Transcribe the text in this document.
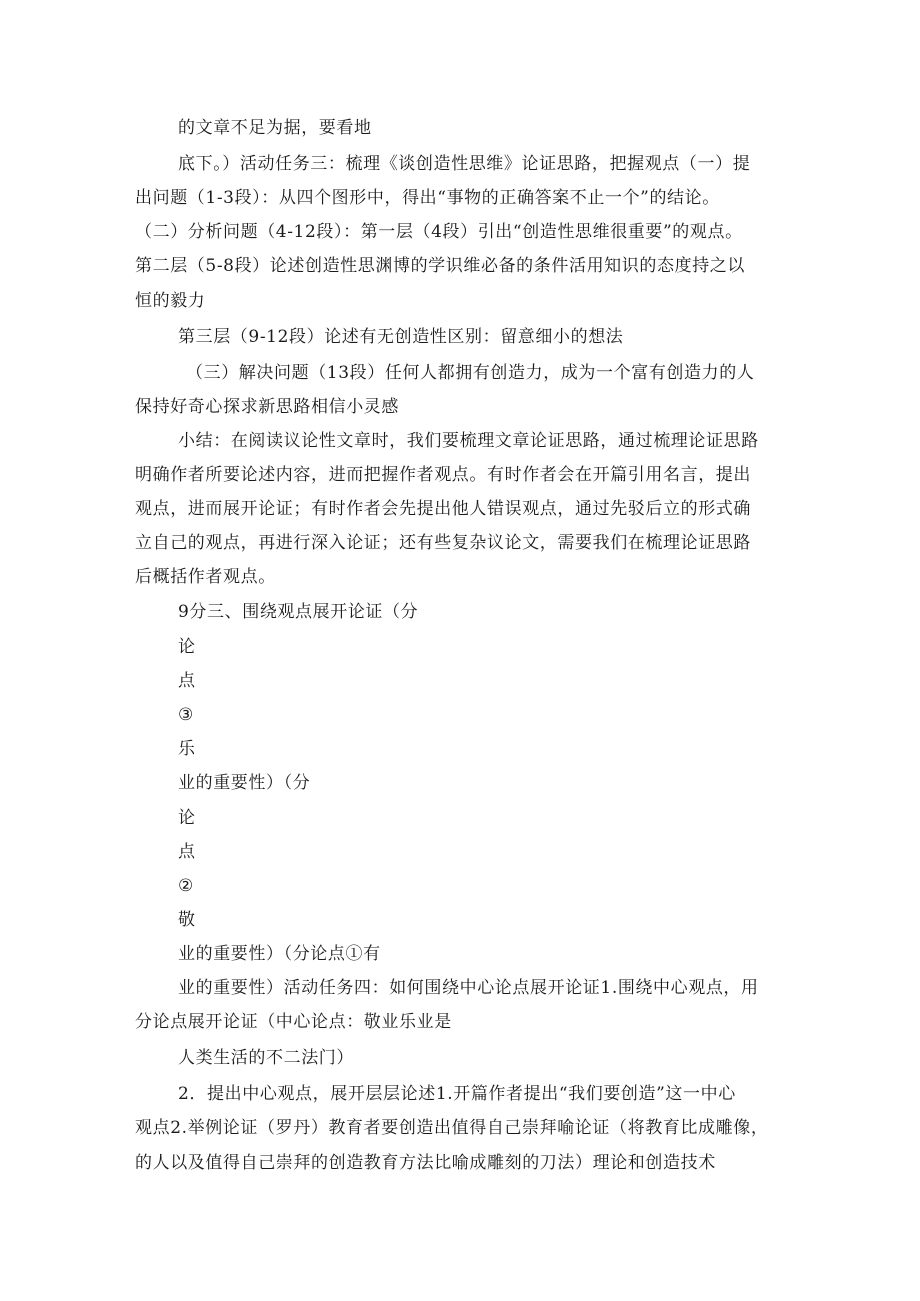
的文章不足为据，要看地
底下。）活动任务三：梳理《谈创造性思维》论证思路，把握观点（一）提
出问题（1-3段）：从四个图形中，得出“事物的正确答案不止一个”的结论。
（二）分析问题（4-12段）：第一层（4段）引出“创造性思维很重要”的观点。
第二层（5-8段）论述创造性思渊博的学识维必备的条件活用知识的态度持之以
恒的毅力
第三层（9-12段）论述有无创造性区别：留意细小的想法
（三）解决问题（13段）任何人都拥有创造力，成为一个富有创造力的人
保持好奇心探求新思路相信小灵感
小结：在阅读议论性文章时，我们要梳理文章论证思路，通过梳理论证思路
明确作者所要论述内容，进而把握作者观点。有时作者会在开篇引用名言，提出
观点，进而展开论证；有时作者会先提出他人错误观点，通过先驳后立的形式确
立自己的观点，再进行深入论证；还有些复杂议论文，需要我们在梳理论证思路
后概括作者观点。
9分三、围绕观点展开论证（分
论
点
③
乐
业的重要性）（分
论
点
②
敬
业的重要性）（分论点①有
业的重要性）活动任务四：如何围绕中心论点展开论证1.围绕中心观点，用
分论点展开论证（中心论点：敬业乐业是
人类生活的不二法门）
2．提出中心观点，展开层层论述1.开篇作者提出“我们要创造”这一中心
观点2.举例论证（罗丹）教育者要创造出值得自己崇拜喻论证（将教育比成雕像，
的人以及值得自己崇拜的创造教育方法比喻成雕刻的刀法）理论和创造技术
